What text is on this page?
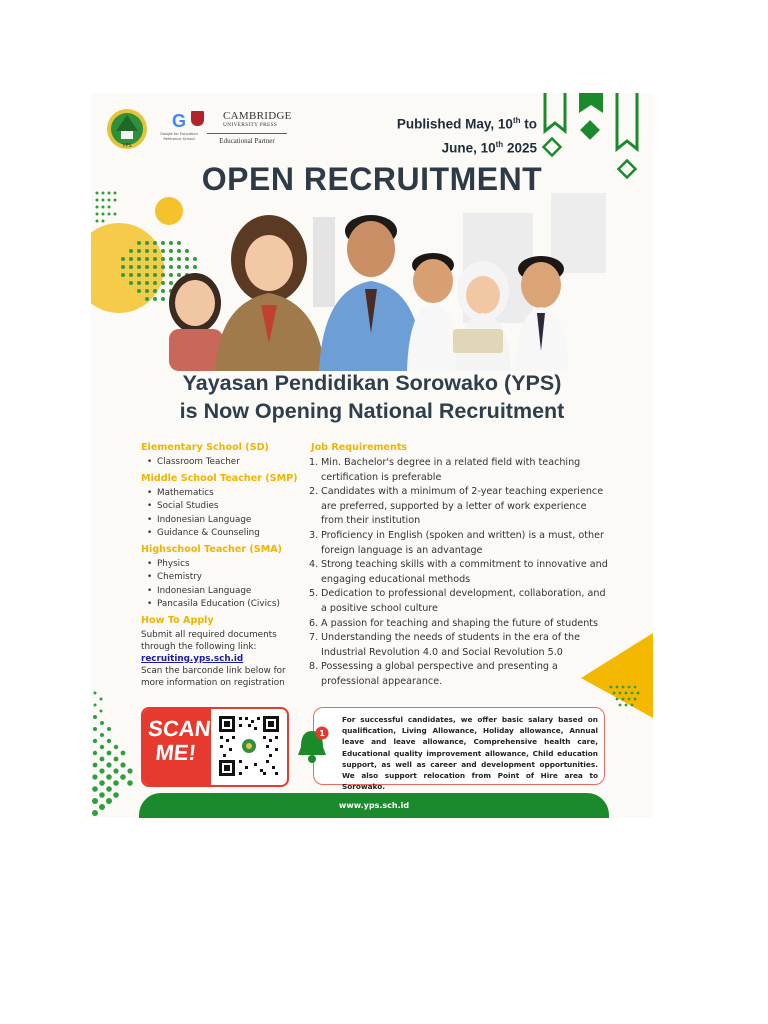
YPS
G
Google for Education Reference School
CAMBRIDGE
UNIVERSITY PRESS
Educational Partner
Published May, 10th to
June, 10th 2025
OPEN RECRUITMENT
Yayasan Pendidikan Sorowako (YPS)
is Now Opening National Recruitment
Elementary School (SD)
• Classroom Teacher
Middle School Teacher (SMP)
• Mathematics
• Social Studies
• Indonesian Language
• Guidance & Counseling
Highschool Teacher (SMA)
• Physics
• Chemistry
• Indonesian Language
• Pancasila Education (Civics)
How To Apply
Submit all required documents through the following link:
recruiting.yps.sch.id
Scan the barconde link below for more information on registration
Job Requirements
1. Min. Bachelor's degree in a related field with teaching certification is preferable
2. Candidates with a minimum of 2-year teaching experience are preferred, supported by a letter of work experience from their institution
3. Proficiency in English (spoken and written) is a must, other foreign language is an advantage
4. Strong teaching skills with a commitment to innovative and engaging educational methods
5. Dedication to professional development, collaboration, and a positive school culture
6. A passion for teaching and shaping the future of students
7. Understanding the needs of students in the era of the Industrial Revolution 4.0 and Social Revolution 5.0
8. Possessing a global perspective and presenting a professional appearance.
SCAN
ME!
For successful candidates, we offer basic salary based on qualification, Living Allowance, Holiday allowance, Annual leave and leave allowance, Comprehensive health care, Educational quality improvement allowance, Child education support, as well as career and development opportunities. We also support relocation from Point of Hire area to Sorowako.
1
www.yps.sch.id
